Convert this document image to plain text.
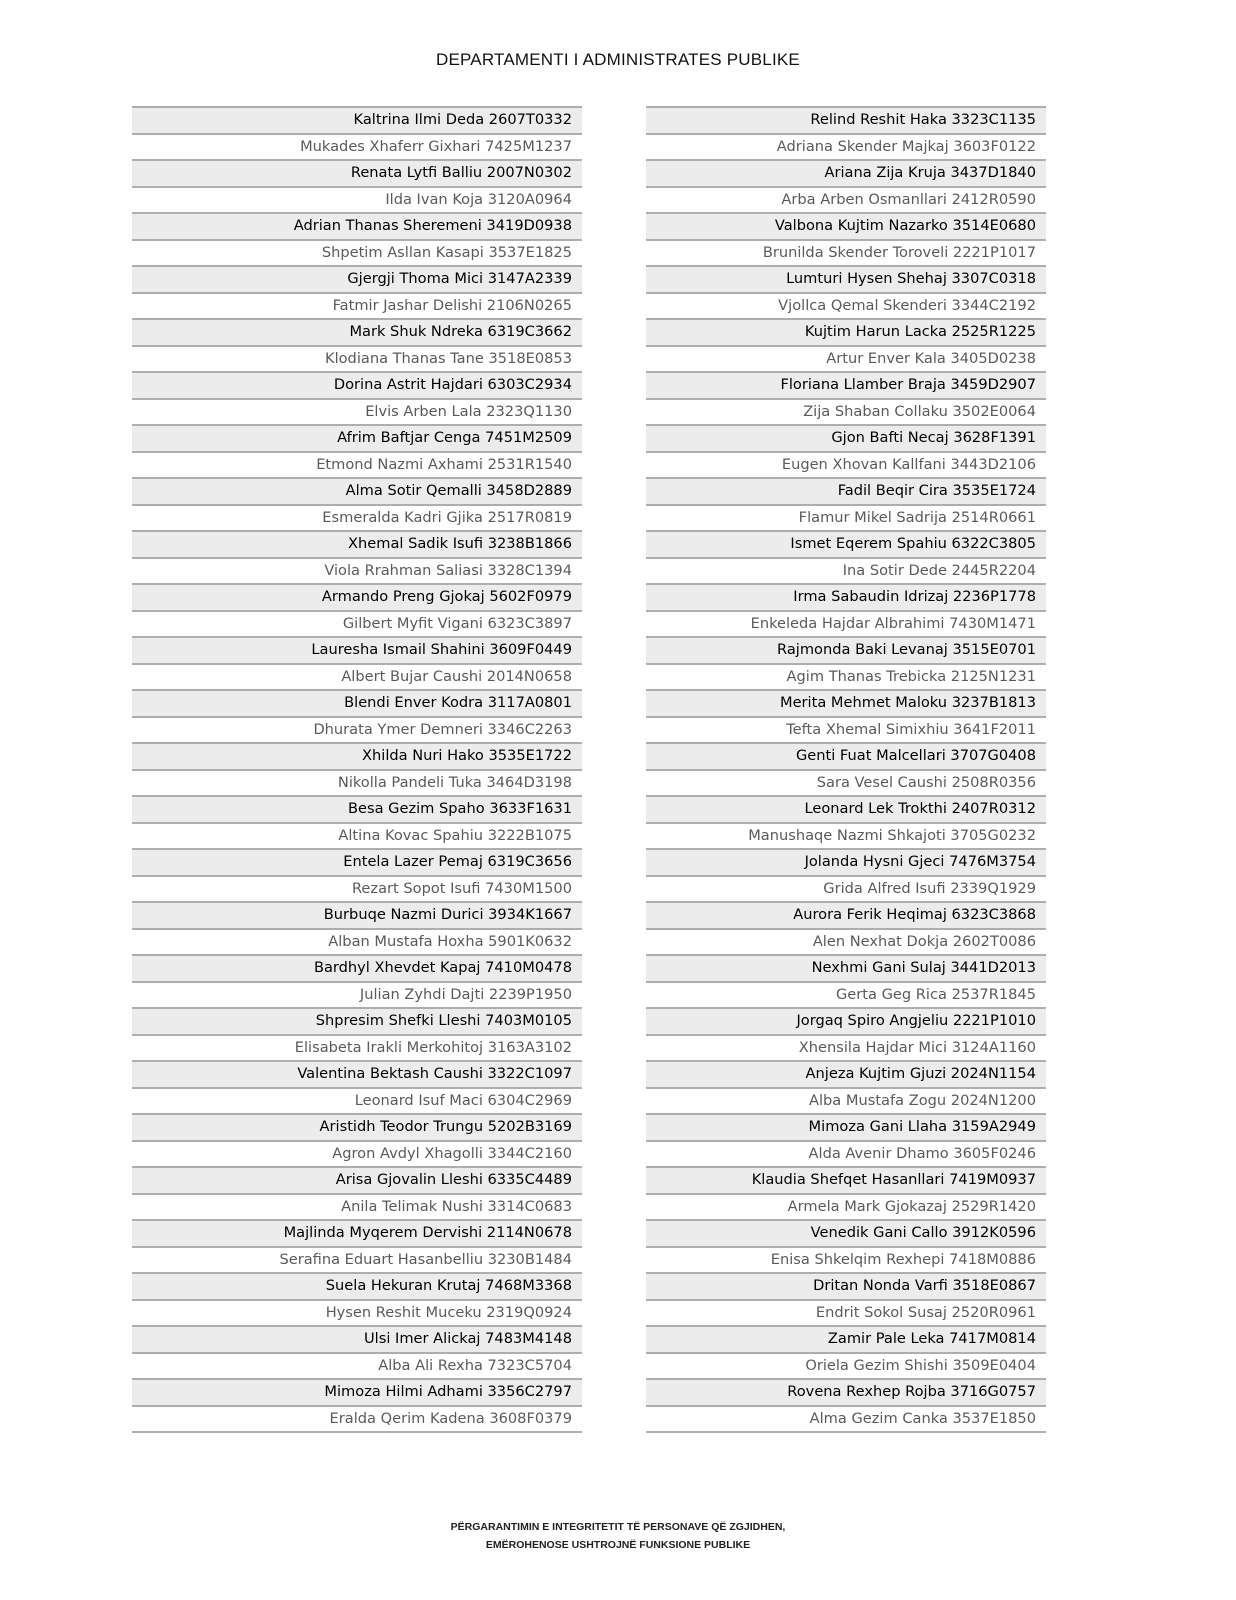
DEPARTAMENTI I ADMINISTRATES PUBLIKE
Kaltrina Ilmi Deda 2607T0332
Mukades Xhaferr Gixhari 7425M1237
Renata Lytfi Balliu 2007N0302
Ilda Ivan Koja 3120A0964
Adrian Thanas Sheremeni 3419D0938
Shpetim Asllan Kasapi 3537E1825
Gjergji Thoma Mici 3147A2339
Fatmir Jashar Delishi 2106N0265
Mark Shuk Ndreka 6319C3662
Klodiana Thanas Tane 3518E0853
Dorina Astrit Hajdari 6303C2934
Elvis Arben Lala 2323Q1130
Afrim Baftjar Cenga 7451M2509
Etmond Nazmi Axhami 2531R1540
Alma Sotir Qemalli 3458D2889
Esmeralda Kadri Gjika 2517R0819
Xhemal Sadik Isufi 3238B1866
Viola Rrahman Saliasi 3328C1394
Armando Preng Gjokaj 5602F0979
Gilbert Myfit Vigani 6323C3897
Lauresha Ismail Shahini 3609F0449
Albert Bujar Caushi 2014N0658
Blendi Enver Kodra 3117A0801
Dhurata Ymer Demneri 3346C2263
Xhilda Nuri Hako 3535E1722
Nikolla Pandeli Tuka 3464D3198
Besa Gezim Spaho 3633F1631
Altina Kovac Spahiu 3222B1075
Entela Lazer Pemaj 6319C3656
Rezart Sopot Isufi 7430M1500
Burbuqe Nazmi Durici 3934K1667
Alban Mustafa Hoxha 5901K0632
Bardhyl Xhevdet Kapaj 7410M0478
Julian Zyhdi Dajti 2239P1950
Shpresim Shefki Lleshi 7403M0105
Elisabeta Irakli Merkohitoj 3163A3102
Valentina Bektash Caushi 3322C1097
Leonard Isuf Maci 6304C2969
Aristidh Teodor Trungu 5202B3169
Agron Avdyl Xhagolli 3344C2160
Arisa Gjovalin Lleshi 6335C4489
Anila Telimak Nushi 3314C0683
Majlinda Myqerem Dervishi 2114N0678
Serafina Eduart Hasanbelliu 3230B1484
Suela Hekuran Krutaj 7468M3368
Hysen Reshit Muceku 2319Q0924
Ulsi Imer Alickaj 7483M4148
Alba Ali Rexha 7323C5704
Mimoza Hilmi Adhami 3356C2797
Eralda Qerim Kadena 3608F0379
Relind Reshit Haka 3323C1135
Adriana Skender Majkaj 3603F0122
Ariana Zija Kruja 3437D1840
Arba Arben Osmanllari 2412R0590
Valbona Kujtim Nazarko 3514E0680
Brunilda Skender Toroveli 2221P1017
Lumturi Hysen Shehaj 3307C0318
Vjollca Qemal Skenderi 3344C2192
Kujtim Harun Lacka 2525R1225
Artur Enver Kala 3405D0238
Floriana Llamber Braja 3459D2907
Zija Shaban Collaku 3502E0064
Gjon Bafti Necaj 3628F1391
Eugen Xhovan Kallfani 3443D2106
Fadil Beqir Cira 3535E1724
Flamur Mikel Sadrija 2514R0661
Ismet Eqerem Spahiu 6322C3805
Ina Sotir Dede 2445R2204
Irma Sabaudin Idrizaj 2236P1778
Enkeleda Hajdar Albrahimi 7430M1471
Rajmonda Baki Levanaj 3515E0701
Agim Thanas Trebicka 2125N1231
Merita Mehmet Maloku 3237B1813
Tefta Xhemal Simixhiu 3641F2011
Genti Fuat Malcellari 3707G0408
Sara Vesel Caushi 2508R0356
Leonard Lek Trokthi 2407R0312
Manushaqe Nazmi Shkajoti 3705G0232
Jolanda Hysni Gjeci 7476M3754
Grida Alfred Isufi 2339Q1929
Aurora Ferik Heqimaj 6323C3868
Alen Nexhat Dokja 2602T0086
Nexhmi Gani Sulaj 3441D2013
Gerta Geg Rica 2537R1845
Jorgaq Spiro Angjeliu 2221P1010
Xhensila Hajdar Mici 3124A1160
Anjeza Kujtim Gjuzi 2024N1154
Alba Mustafa Zogu 2024N1200
Mimoza Gani Llaha 3159A2949
Alda Avenir Dhamo 3605F0246
Klaudia Shefqet Hasanllari 7419M0937
Armela Mark Gjokazaj 2529R1420
Venedik Gani Callo 3912K0596
Enisa Shkelqim Rexhepi 7418M0886
Dritan Nonda Varfi 3518E0867
Endrit Sokol Susaj 2520R0961
Zamir Pale Leka 7417M0814
Oriela Gezim Shishi 3509E0404
Rovena Rexhep Rojba 3716G0757
Alma Gezim Canka 3537E1850
PËRGARANTIMIN E INTEGRITETIT TË PERSONAVE QË ZGJIDHEN,
EMËROHENOSE USHTROJNË FUNKSIONE PUBLIKE
